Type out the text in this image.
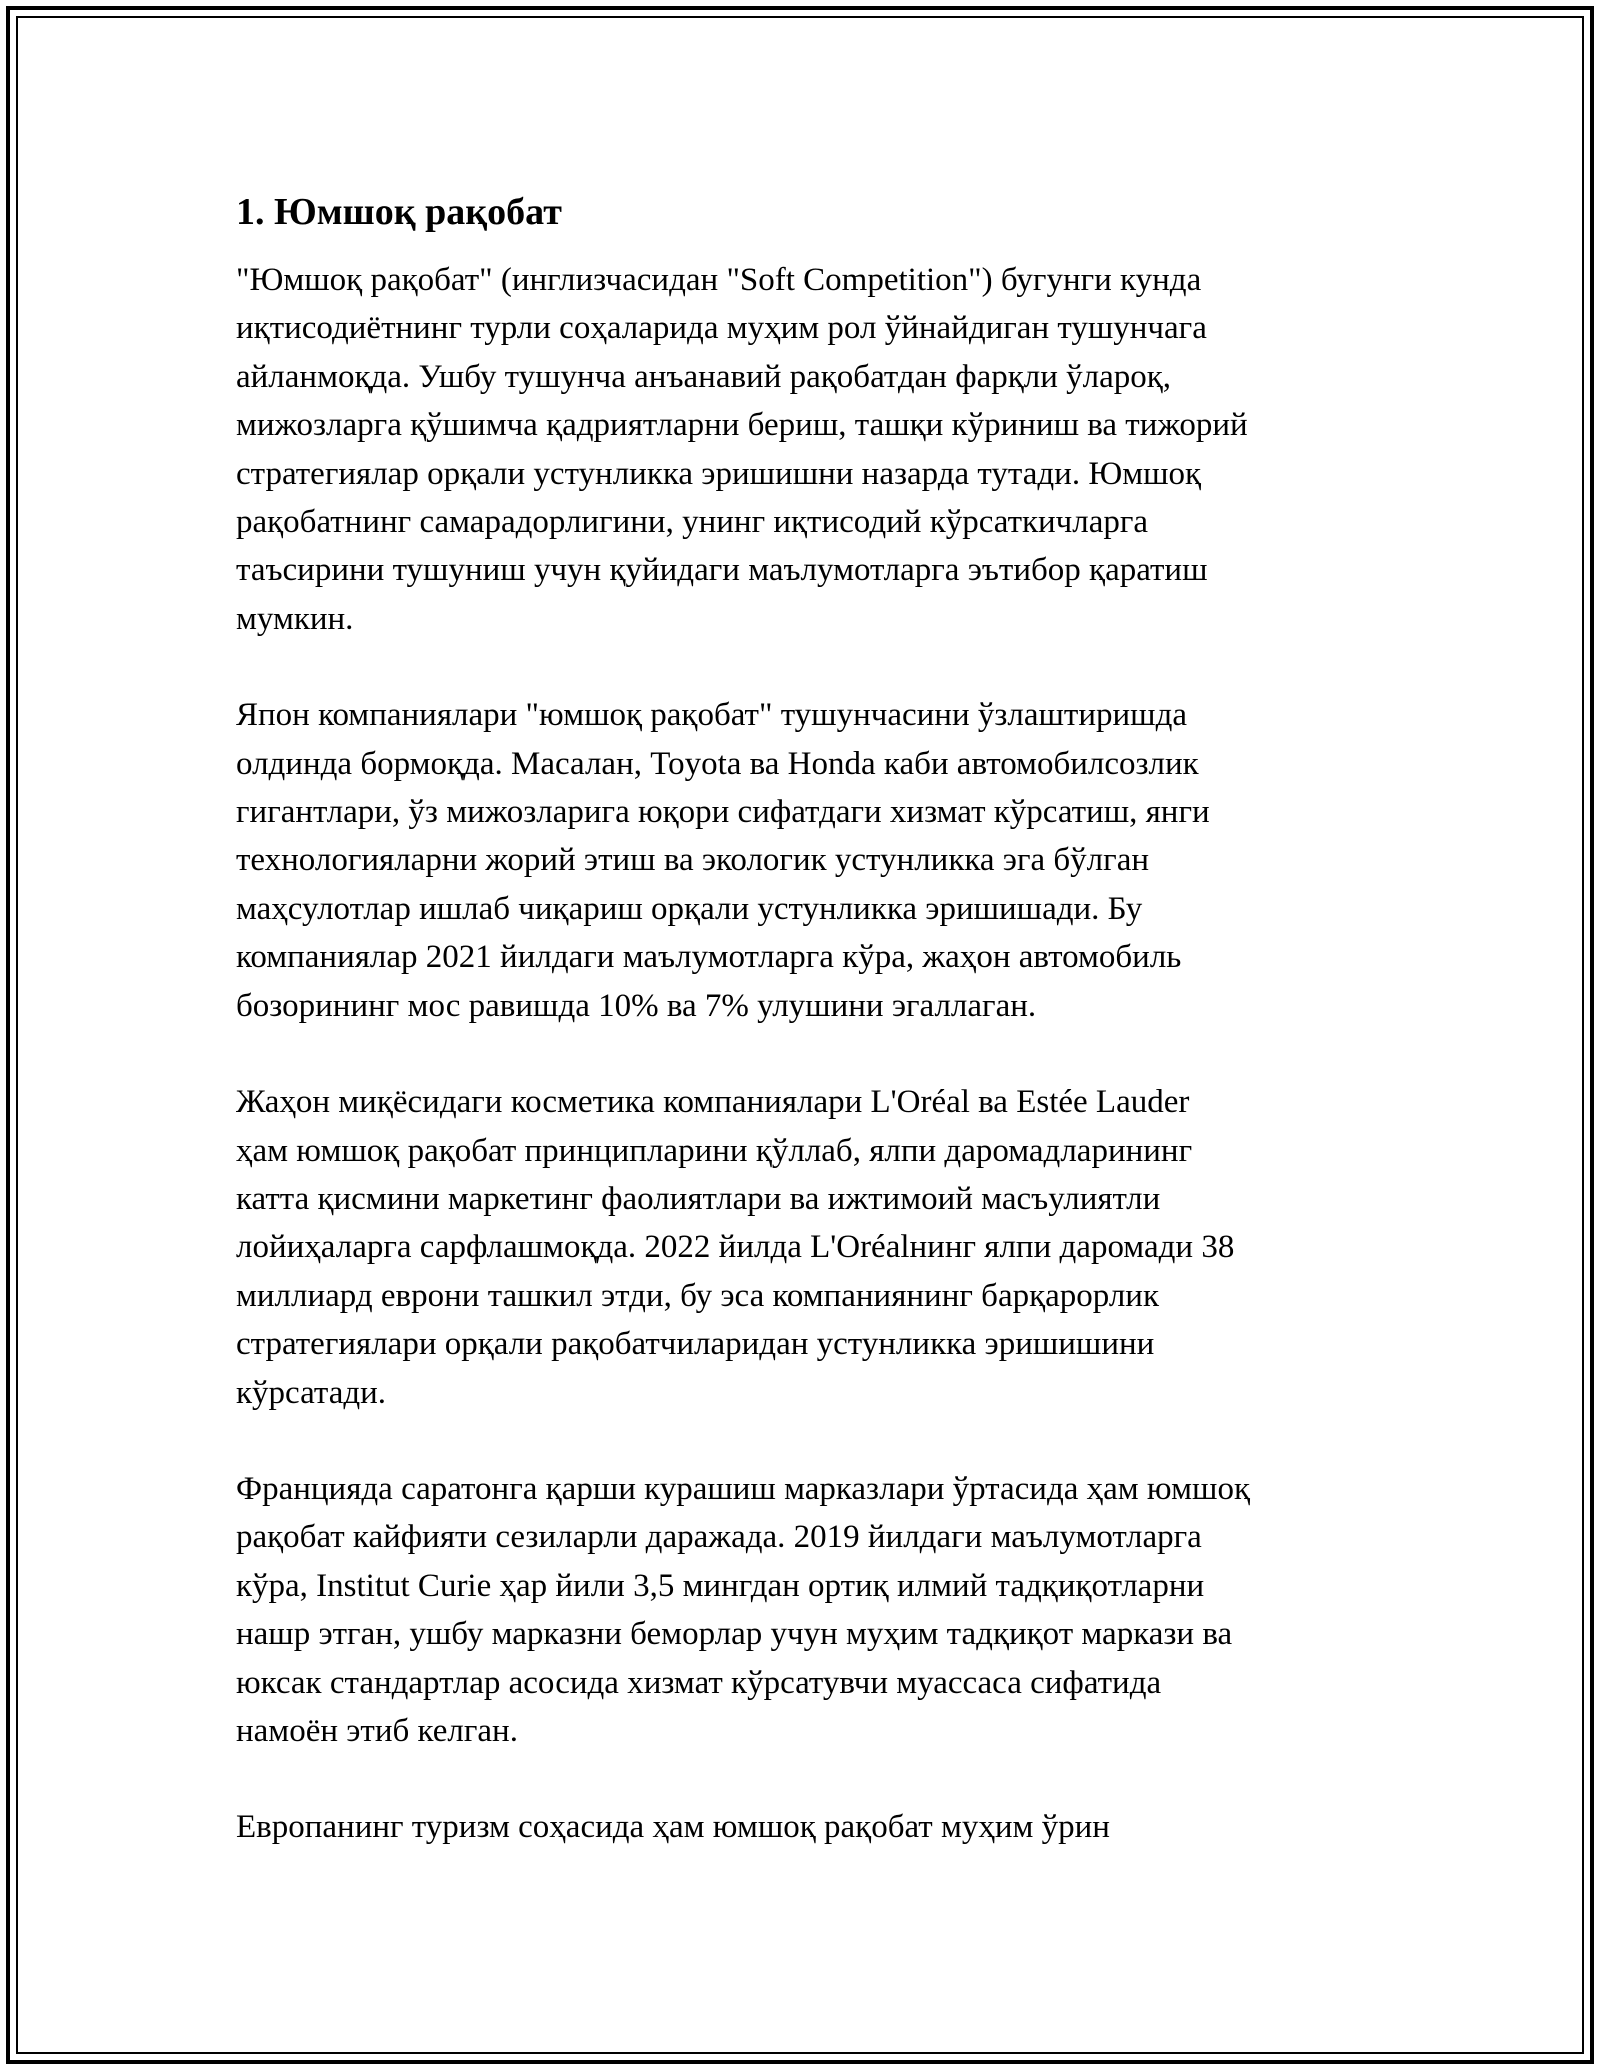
1. Юмшоқ рақобат
"Юмшоқ рақобат" (инглизчасидан "Soft Competition") бугунги кунда
иқтисодиётнинг турли соҳаларида муҳим рол ўйнайдиган тушунчага
айланмоқда. Ушбу тушунча анъанавий рақобатдан фарқли ўлароқ,
мижозларга қўшимча қадриятларни бериш, ташқи кўриниш ва тижорий
стратегиялар орқали устунликка эришишни назарда тутади. Юмшоқ
рақобатнинг самарадорлигини, унинг иқтисодий кўрсаткичларга
таъсирини тушуниш учун қуйидаги маълумотларга эътибор қаратиш
мумкин.
Япон компаниялари "юмшоқ рақобат" тушунчасини ўзлаштиришда
олдинда бормоқда. Масалан, Toyota ва Honda каби автомобилсозлик
гигантлари, ўз мижозларига юқори сифатдаги хизмат кўрсатиш, янги
технологияларни жорий этиш ва экологик устунликка эга бўлган
маҳсулотлар ишлаб чиқариш орқали устунликка эришишади. Бу
компаниялар 2021 йилдаги маълумотларга кўра, жаҳон автомобиль
бозорининг мос равишда 10% ва 7% улушини эгаллаган.
Жаҳон миқёсидаги косметика компаниялари L'Oréal ва Estée Lauder
ҳам юмшоқ рақобат принципларини қўллаб, ялпи даромадларининг
катта қисмини маркетинг фаолиятлари ва ижтимоий масъулиятли
лойиҳаларга сарфлашмоқда. 2022 йилда L'Oréalнинг ялпи даромади 38
миллиард еврони ташкил этди, бу эса компаниянинг барқарорлик
стратегиялари орқали рақобатчиларидан устунликка эришишини
кўрсатади.
Францияда саратонга қарши курашиш марказлари ўртасида ҳам юмшоқ
рақобат кайфияти сезиларли даражада. 2019 йилдаги маълумотларга
кўра, Institut Curie ҳар йили 3,5 мингдан ортиқ илмий тадқиқотларни
нашр этган, ушбу марказни беморлар учун муҳим тадқиқот маркази ва
юксак стандартлар асосида хизмат кўрсатувчи муассаса сифатида
намоён этиб келган.
Европанинг туризм соҳасида ҳам юмшоқ рақобат муҳим ўрин
